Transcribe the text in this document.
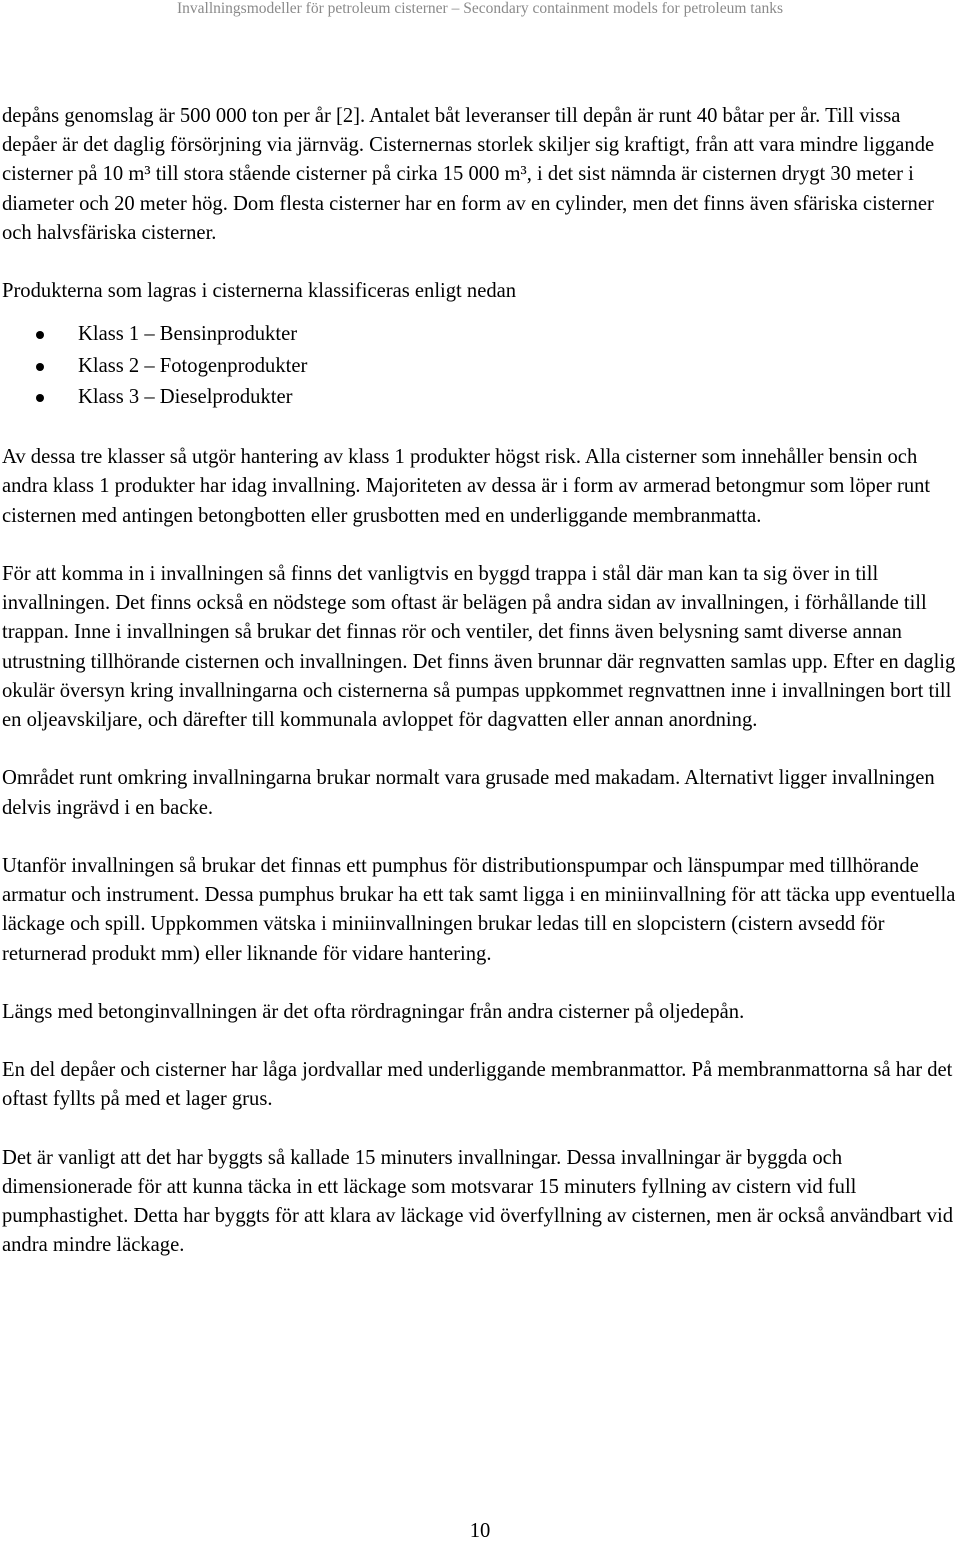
Invallningsmodeller för petroleum cisterner – Secondary containment models for petroleum tanks

depåns genomslag är 500 000 ton per år [2]. Antalet båt leveranser till depån är runt 40 båtar per år. Till vissa depåer är det daglig försörjning via järnväg. Cisternernas storlek skiljer sig kraftigt, från att vara mindre liggande cisterner på 10 m³ till stora stående cisterner på cirka 15 000 m³, i det sist nämnda är cisternen drygt 30 meter i diameter och 20 meter hög. Dom flesta cisterner har en form av en cylinder, men det finns även sfäriska cisterner och halvsfäriska cisterner.

Produkterna som lagras i cisternerna klassificeras enligt nedan

Klass 1 – Bensinprodukter
Klass 2 – Fotogenprodukter
Klass 3 – Dieselprodukter

Av dessa tre klasser så utgör hantering av klass 1 produkter högst risk. Alla cisterner som innehåller bensin och andra klass 1 produkter har idag invallning. Majoriteten av dessa är i form av armerad betongmur som löper runt cisternen med antingen betongbotten eller grusbotten med en underliggande membranmatta.

För att komma in i invallningen så finns det vanligtvis en byggd trappa i stål där man kan ta sig över in till invallningen. Det finns också en nödstege som oftast är belägen på andra sidan av invallningen, i förhållande till trappan. Inne i invallningen så brukar det finnas rör och ventiler, det finns även belysning samt diverse annan utrustning tillhörande cisternen och invallningen. Det finns även brunnar där regnvatten samlas upp. Efter en daglig okulär översyn kring invallningarna och cisternerna så pumpas uppkommet regnvattnen inne i invallningen bort till en oljeavskiljare, och därefter till kommunala avloppet för dagvatten eller annan anordning.

Området runt omkring invallningarna brukar normalt vara grusade med makadam. Alternativt ligger invallningen delvis ingrävd i en backe.

Utanför invallningen så brukar det finnas ett pumphus för distributionspumpar och länspumpar med tillhörande armatur och instrument. Dessa pumphus brukar ha ett tak samt ligga i en miniinvallning för att täcka upp eventuella läckage och spill. Uppkommen vätska i miniinvallningen brukar ledas till en slopcistern (cistern avsedd för returnerad produkt mm) eller liknande för vidare hantering.

Längs med betonginvallningen är det ofta rördragningar från andra cisterner på oljedepån.

En del depåer och cisterner har låga jordvallar med underliggande membranmattor. På membranmattorna så har det oftast fyllts på med et lager grus.

Det är vanligt att det har byggts så kallade 15 minuters invallningar. Dessa invallningar är byggda och dimensionerade för att kunna täcka in ett läckage som motsvarar 15 minuters fyllning av cistern vid full pumphastighet. Detta har byggts för att klara av läckage vid överfyllning av cisternen, men är också användbart vid andra mindre läckage.

10
